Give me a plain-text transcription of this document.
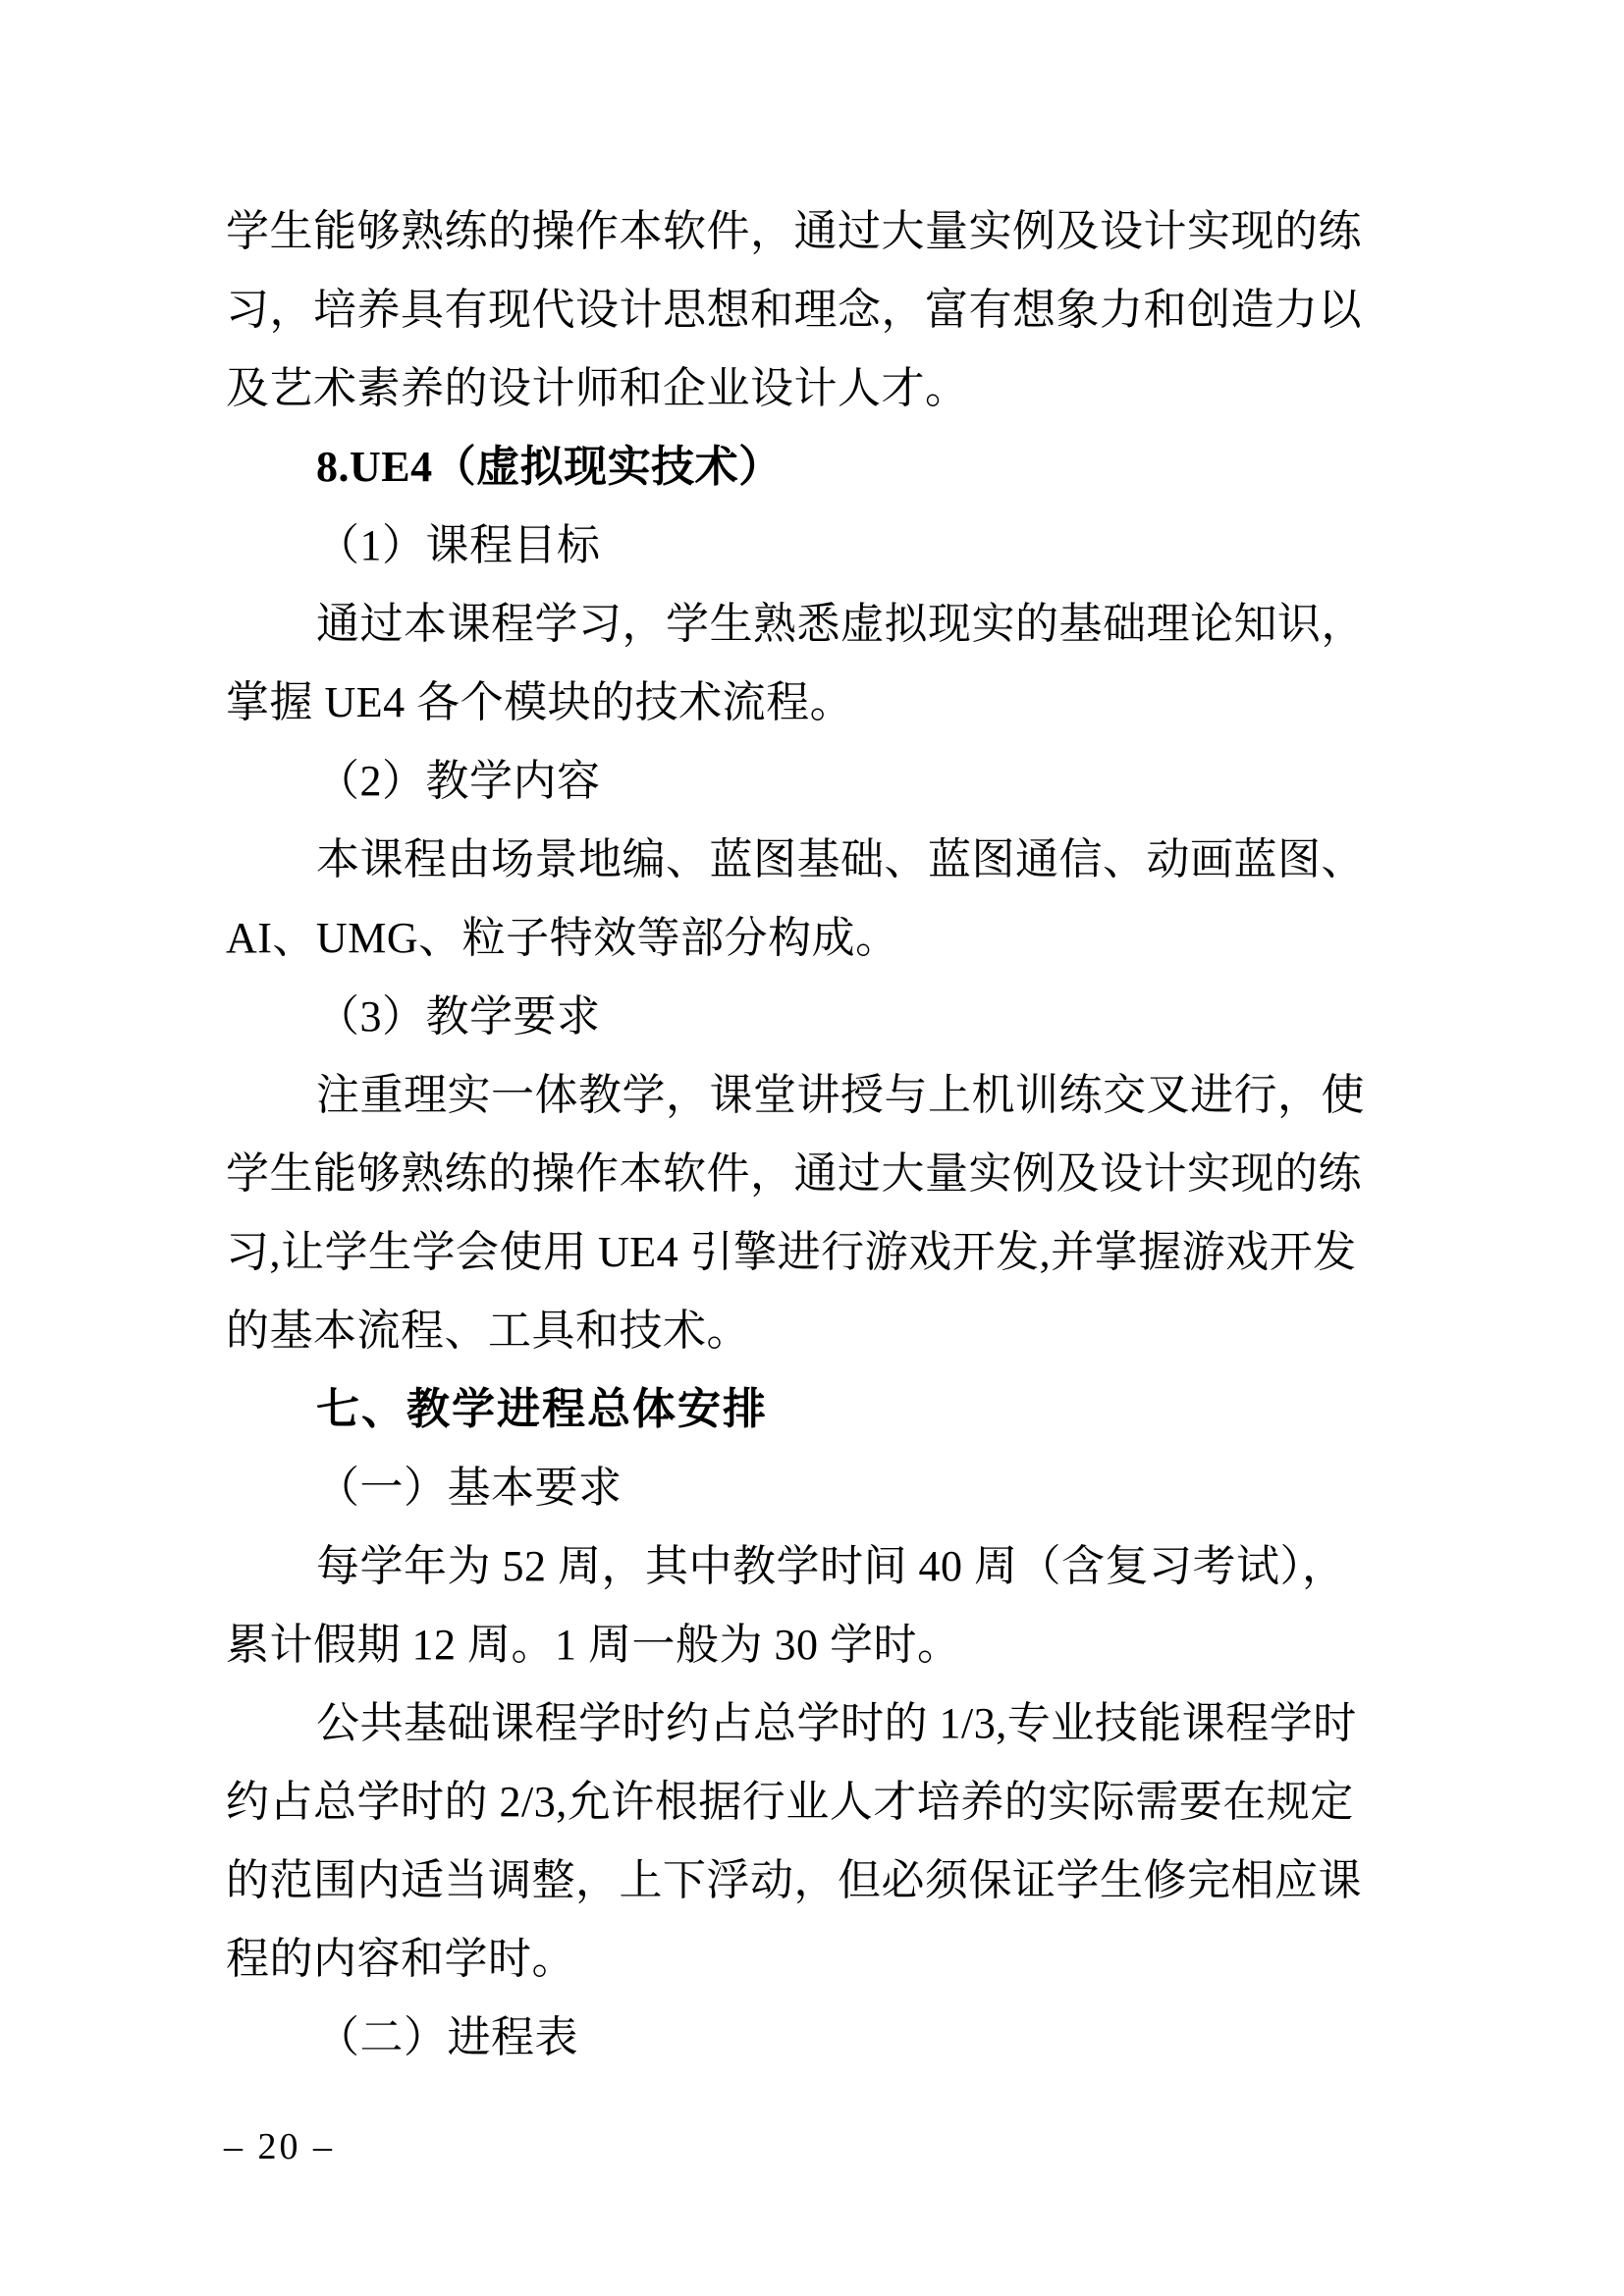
学生能够熟练的操作本软件，通过大量实例及设计实现的练
习，培养具有现代设计思想和理念，富有想象力和创造力以
及艺术素养的设计师和企业设计人才。
8.UE4（虚拟现实技术）
（1）课程目标
通过本课程学习，学生熟悉虚拟现实的基础理论知识，
掌握 UE4 各个模块的技术流程。
（2）教学内容
本课程由场景地编、蓝图基础、蓝图通信、动画蓝图、
AI、UMG、粒子特效等部分构成。
（3）教学要求
注重理实一体教学，课堂讲授与上机训练交叉进行，使
学生能够熟练的操作本软件，通过大量实例及设计实现的练
习,让学生学会使用 UE4 引擎进行游戏开发,并掌握游戏开发
的基本流程、工具和技术。
七、教学进程总体安排
（一）基本要求
每学年为 52 周，其中教学时间 40 周（含复习考试），
累计假期 12 周。1 周一般为 30 学时。
公共基础课程学时约占总学时的 1/3,专业技能课程学时
约占总学时的 2/3,允许根据行业人才培养的实际需要在规定
的范围内适当调整，上下浮动，但必须保证学生修完相应课
程的内容和学时。
（二）进程表
– 20 –
